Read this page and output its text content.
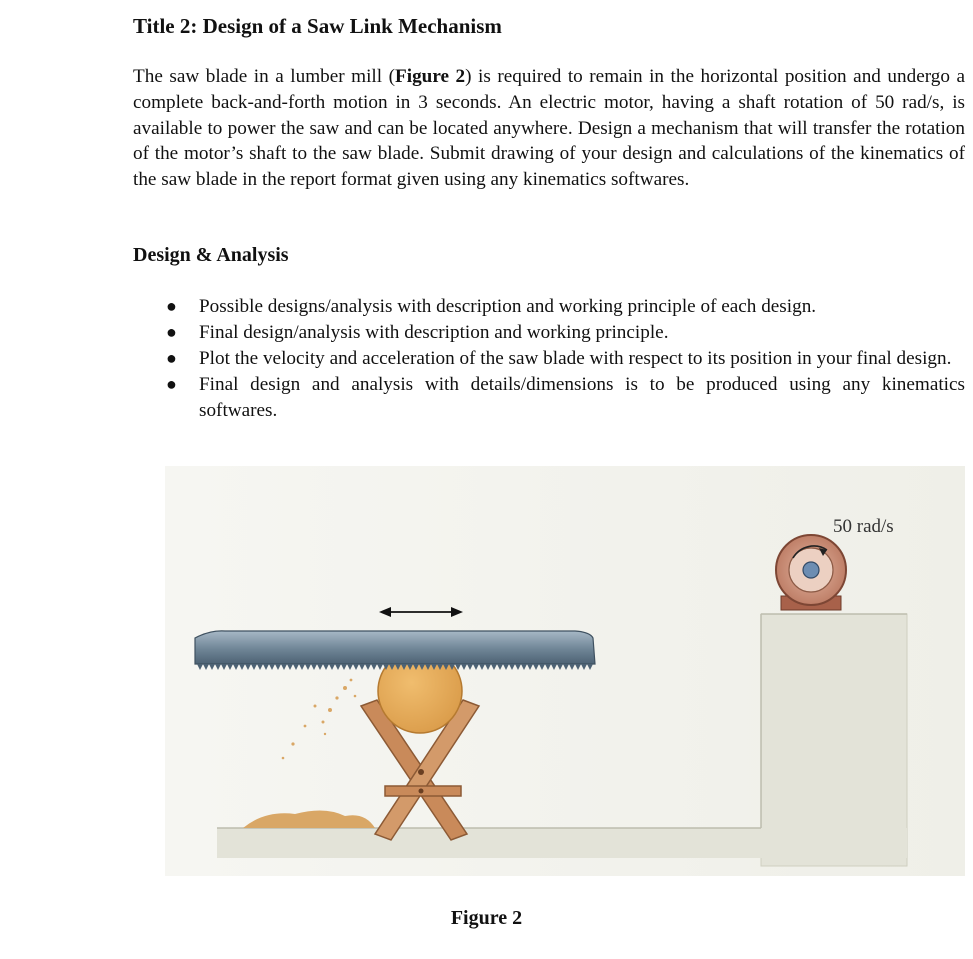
Title 2: Design of a Saw Link Mechanism

The saw blade in a lumber mill (Figure 2) is required to remain in the horizontal position and undergo a complete back-and-forth motion in 3 seconds. An electric motor, having a shaft rotation of 50 rad/s, is available to power the saw and can be located anywhere. Design a mechanism that will transfer the rotation of the motor’s shaft to the saw blade. Submit drawing of your design and calculations of the kinematics of the saw blade in the report format given using any kinematics softwares.

Design & Analysis
● Possible designs/analysis with description and working principle of each design.
● Final design/analysis with description and working principle.
● Plot the velocity and acceleration of the saw blade with respect to its position in your final design.
● Final design and analysis with details/dimensions is to be produced using any kinematics softwares.
50 rad/s

Figure 2
